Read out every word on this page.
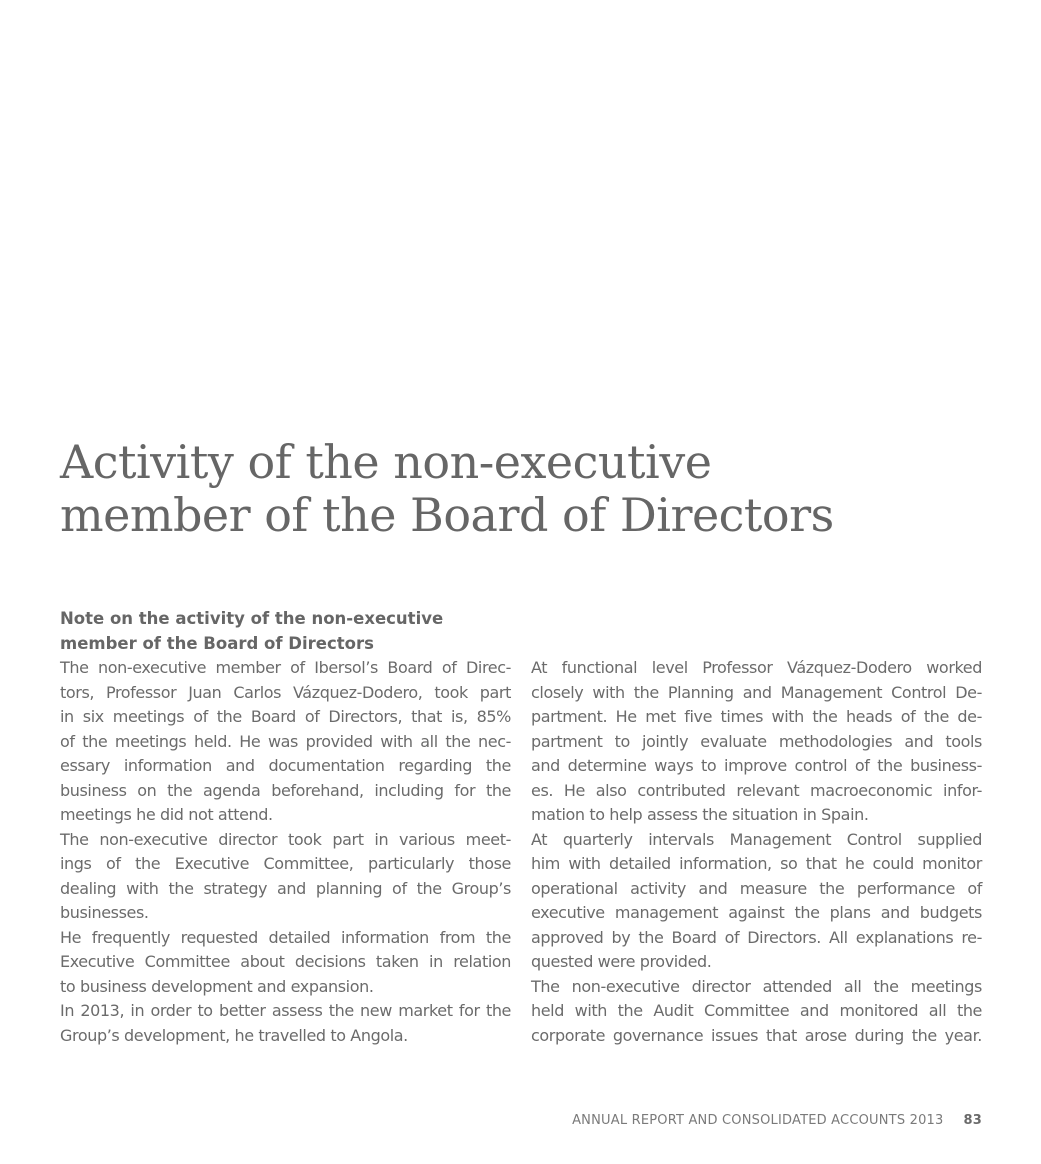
Activity of the non-executive
member of the Board of Directors
Note on the activity of the non-executive
member of the Board of Directors

The non-executive member of Ibersol’s Board of Direc-
tors, Professor Juan Carlos Vázquez-Dodero, took part
in six meetings of the Board of Directors, that is, 85%
of the meetings held. He was provided with all the nec-
essary information and documentation regarding the
business on the agenda beforehand, including for the
meetings he did not attend.

The non-executive director took part in various meet-
ings of the Executive Committee, particularly those
dealing with the strategy and planning of the Group’s
businesses.

He frequently requested detailed information from the
Executive Committee about decisions taken in relation
to business development and expansion.

In 2013, in order to better assess the new market for the
Group’s development, he travelled to Angola.

At functional level Professor Vázquez-Dodero worked
closely with the Planning and Management Control De-
partment. He met five times with the heads of the de-
partment to jointly evaluate methodologies and tools
and determine ways to improve control of the business-
es. He also contributed relevant macroeconomic infor-
mation to help assess the situation in Spain.

At quarterly intervals Management Control supplied
him with detailed information, so that he could monitor
operational activity and measure the performance of
executive management against the plans and budgets
approved by the Board of Directors. All explanations re-
quested were provided.

The non-executive director attended all the meetings
held with the Audit Committee and monitored all the
corporate governance issues that arose during the year.

ANNUAL REPORT AND CONSOLIDATED ACCOUNTS 2013 83
